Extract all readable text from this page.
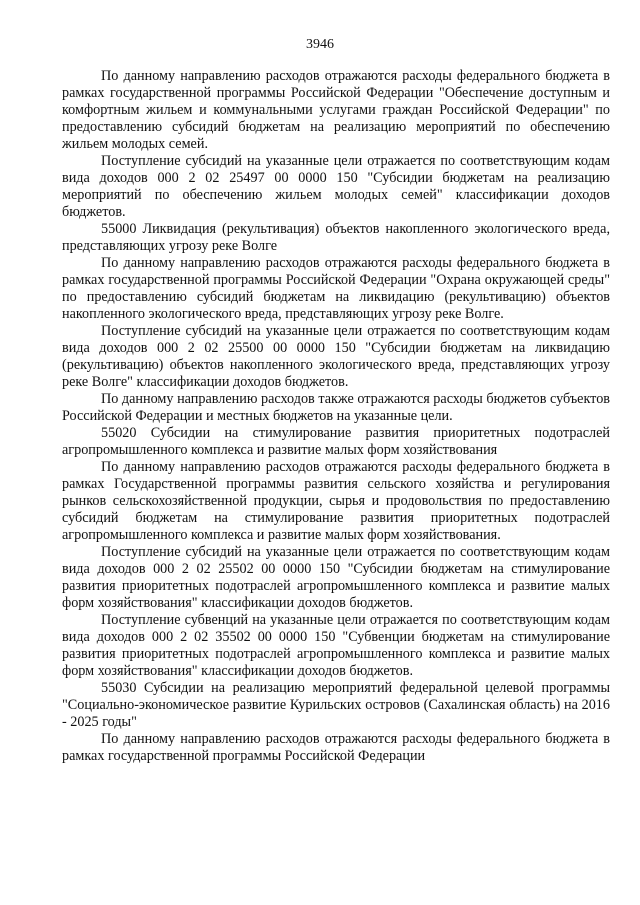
3946

По данному направлению расходов отражаются расходы федерального бюджета в рамках государственной программы Российской Федерации "Обеспечение доступным и комфортным жильем и коммунальными услугами граждан Российской Федерации" по предоставлению субсидий бюджетам на реализацию мероприятий по обеспечению жильем молодых семей.

Поступление субсидий на указанные цели отражается по соответствующим кодам вида доходов 000 2 02 25497 00 0000 150 "Субсидии бюджетам на реализацию мероприятий по обеспечению жильем молодых семей" классификации доходов бюджетов.

55000 Ликвидация (рекультивация) объектов накопленного экологического вреда, представляющих угрозу реке Волге

По данному направлению расходов отражаются расходы федерального бюджета в рамках государственной программы Российской Федерации "Охрана окружающей среды" по предоставлению субсидий бюджетам на ликвидацию (рекультивацию) объектов накопленного экологического вреда, представляющих угрозу реке Волге.

Поступление субсидий на указанные цели отражается по соответствующим кодам вида доходов 000 2 02 25500 00 0000 150 "Субсидии бюджетам на ликвидацию (рекультивацию) объектов накопленного экологического вреда, представляющих угрозу реке Волге" классификации доходов бюджетов.

По данному направлению расходов также отражаются расходы бюджетов субъектов Российской Федерации и местных бюджетов на указанные цели.

55020 Субсидии на стимулирование развития приоритетных подотраслей агропромышленного комплекса и развитие малых форм хозяйствования

По данному направлению расходов отражаются расходы федерального бюджета в рамках Государственной программы развития сельского хозяйства и регулирования рынков сельскохозяйственной продукции, сырья и продовольствия по предоставлению субсидий бюджетам на стимулирование развития приоритетных подотраслей агропромышленного комплекса и развитие малых форм хозяйствования.

Поступление субсидий на указанные цели отражается по соответствующим кодам вида доходов 000 2 02 25502 00 0000 150 "Субсидии бюджетам на стимулирование развития приоритетных подотраслей агропромышленного комплекса и развитие малых форм хозяйствования" классификации доходов бюджетов.

Поступление субвенций на указанные цели отражается по соответствующим кодам вида доходов 000 2 02 35502 00 0000 150 "Субвенции бюджетам на стимулирование развития приоритетных подотраслей агропромышленного комплекса и развитие малых форм хозяйствования" классификации доходов бюджетов.

55030 Субсидии на реализацию мероприятий федеральной целевой программы "Социально-экономическое развитие Курильских островов (Сахалинская область) на 2016 - 2025 годы"

По данному направлению расходов отражаются расходы федерального бюджета в рамках государственной программы Российской Федерации
